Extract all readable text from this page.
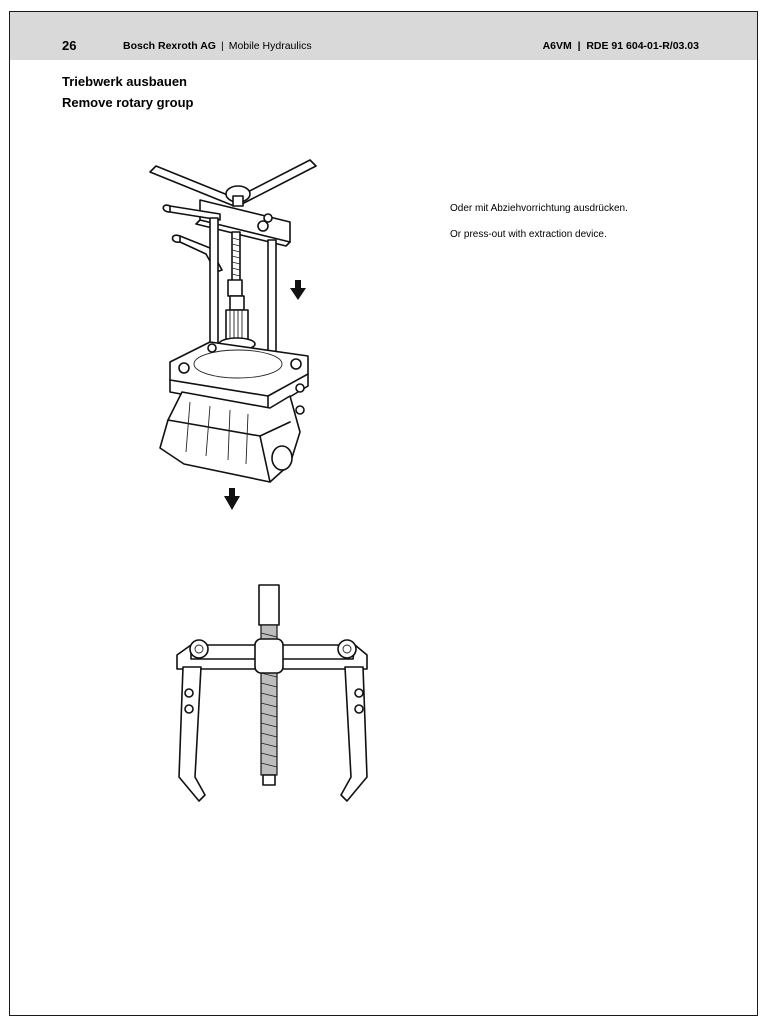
26	Bosch Rexroth AG | Mobile Hydraulics	A6VM  |  RDE 91 604-01-R/03.03
Triebwerk ausbauen
Remove rotary group
Oder mit Abziehvorrichtung ausdrücken.
Or press-out with extraction device.
